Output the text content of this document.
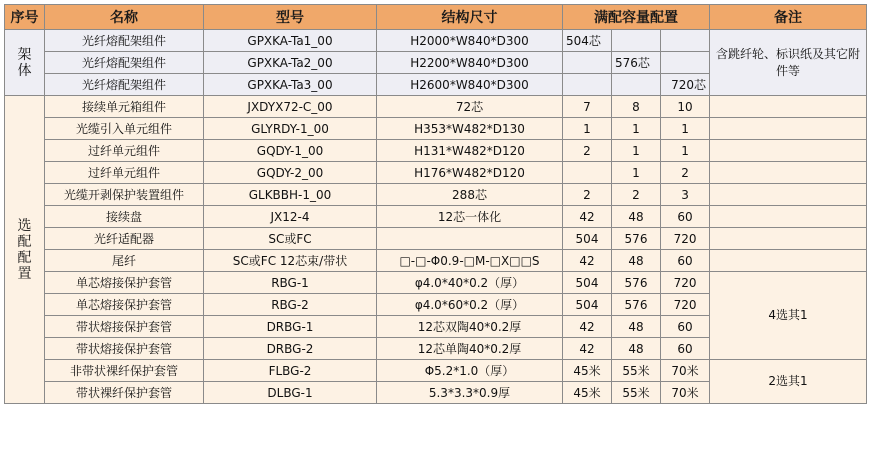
序号	名称	型号	结构尺寸	满配容量配置			备注

架
体	光纤熔配架组件	GPXKA-Ta1_00	H2000*W840*D300	504芯			含跳纤轮、标识纸及其它附件等
	光纤熔配架组件	GPXKA-Ta2_00	H2200*W840*D300		576芯		
	光纤熔配架组件	GPXKA-Ta3_00	H2600*W840*D300			720芯	

选
配
配
置	接续单元箱组件	JXDYX72-C_00	72芯	7	8	10	
	光缆引入单元组件	GLYRDY-1_00	H353*W482*D130	1	1	1	
	过纤单元组件	GQDY-1_00	H131*W482*D120	2	1	1	
	过纤单元组件	GQDY-2_00	H176*W482*D120		1	2	
	光缆开剥保护装置组件	GLKBBH-1_00	288芯	2	2	3	
	接续盘	JX12-4	12芯一体化	42	48	60	
	光纤适配器	SC或FC		504	576	720	
	尾纤	SC或FC 12芯束/带状	□-□-Φ0.9-□M-□X□□S	42	48	60	
	单芯熔接保护套管	RBG-1	φ4.0*40*0.2（厚）	504	576	720	4选其1
	单芯熔接保护套管	RBG-2	φ4.0*60*0.2（厚）	504	576	720	
	带状熔接保护套管	DRBG-1	12芯双陶40*0.2厚	42	48	60	
	带状熔接保护套管	DRBG-2	12芯单陶40*0.2厚	42	48	60	
	非带状裸纤保护套管	FLBG-2	Φ5.2*1.0（厚）	45米	55米	70米	2选其1
	带状裸纤保护套管	DLBG-1	5.3*3.3*0.9厚	45米	55米	70米	
